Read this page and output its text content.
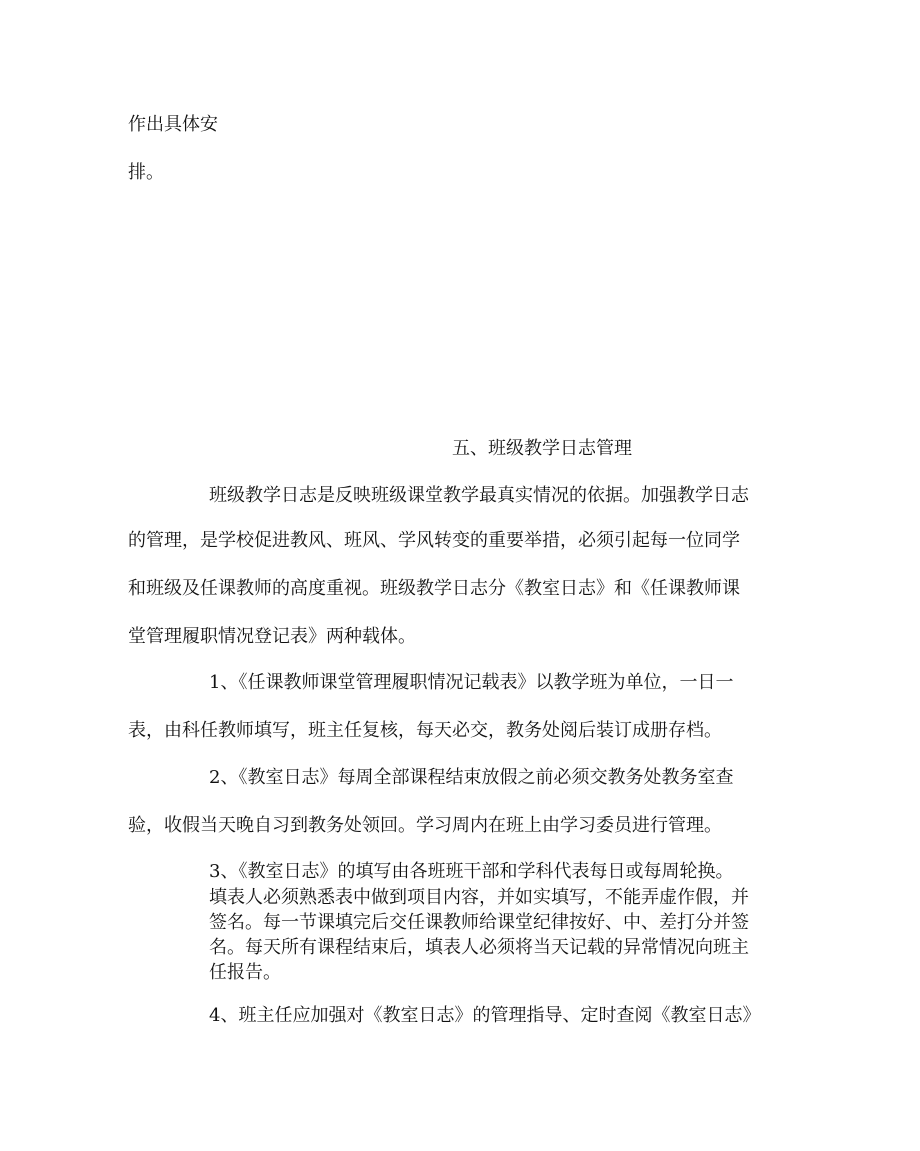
作出具体安

排。

五、班级教学日志管理

班级教学日志是反映班级课堂教学最真实情况的依据。加强教学日志

的管理，是学校促进教风、班风、学风转变的重要举措，必须引起每一位同学

和班级及任课教师的高度重视。班级教学日志分《教室日志》和《任课教师课

堂管理履职情况登记表》两种载体。

1、《任课教师课堂管理履职情况记载表》以教学班为单位，一日一

表，由科任教师填写，班主任复核，每天必交，教务处阅后装订成册存档。

2、《教室日志》每周全部课程结束放假之前必须交教务处教务室查

验，收假当天晚自习到教务处领回。学习周内在班上由学习委员进行管理。

3、《教室日志》的填写由各班班干部和学科代表每日或每周轮换。

填表人必须熟悉表中做到项目内容，并如实填写，不能弄虚作假，并
签名。每一节课填完后交任课教师给课堂纪律按好、中、差打分并签
名。每天所有课程结束后，填表人必须将当天记载的异常情况向班主
任报告。

4、班主任应加强对《教室日志》的管理指导、定时查阅《教室日志》
